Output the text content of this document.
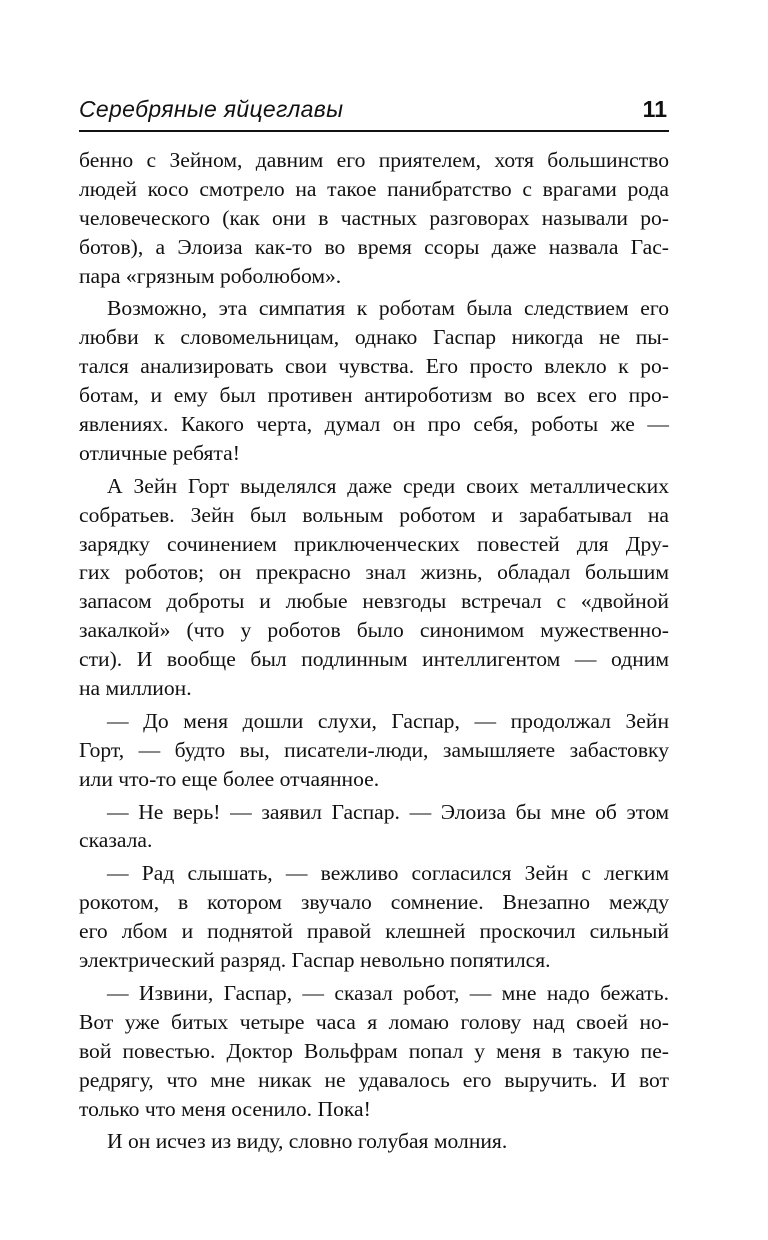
Серебряные яйцеглавы	11
бенно с Зейном, давним его приятелем, хотя большинство
людей косо смотрело на такое панибратство с врагами рода
человеческого (как они в частных разговорах называли ро-
ботов), а Элоиза как-то во время ссоры даже назвала Гас-
пара «грязным роболюбом».
Возможно, эта симпатия к роботам была следствием его
любви к словомельницам, однако Гаспар никогда не пы-
тался анализировать свои чувства. Его просто влекло к ро-
ботам, и ему был противен антироботизм во всех его про-
явлениях. Какого черта, думал он про себя, роботы же —
отличные ребята!
А Зейн Горт выделялся даже среди своих металлических
собратьев. Зейн был вольным роботом и зарабатывал на
зарядку сочинением приключенческих повестей для Дру-
гих роботов; он прекрасно знал жизнь, обладал большим
запасом доброты и любые невзгоды встречал с «двойной
закалкой» (что у роботов было синонимом мужественно-
сти). И вообще был подлинным интеллигентом — одним
на миллион.
— До меня дошли слухи, Гаспар, — продолжал Зейн
Горт, — будто вы, писатели-люди, замышляете забастовку
или что-то еще более отчаянное.
— Не верь! — заявил Гаспар. — Элоиза бы мне об этом
сказала.
— Рад слышать, — вежливо согласился Зейн с легким
рокотом, в котором звучало сомнение. Внезапно между
его лбом и поднятой правой клешней проскочил сильный
электрический разряд. Гаспар невольно попятился.
— Извини, Гаспар, — сказал робот, — мне надо бежать.
Вот уже битых четыре часа я ломаю голову над своей но-
вой повестью. Доктор Вольфрам попал у меня в такую пе-
редрягу, что мне никак не удавалось его выручить. И вот
только что меня осенило. Пока!
И он исчез из виду, словно голубая молния.
